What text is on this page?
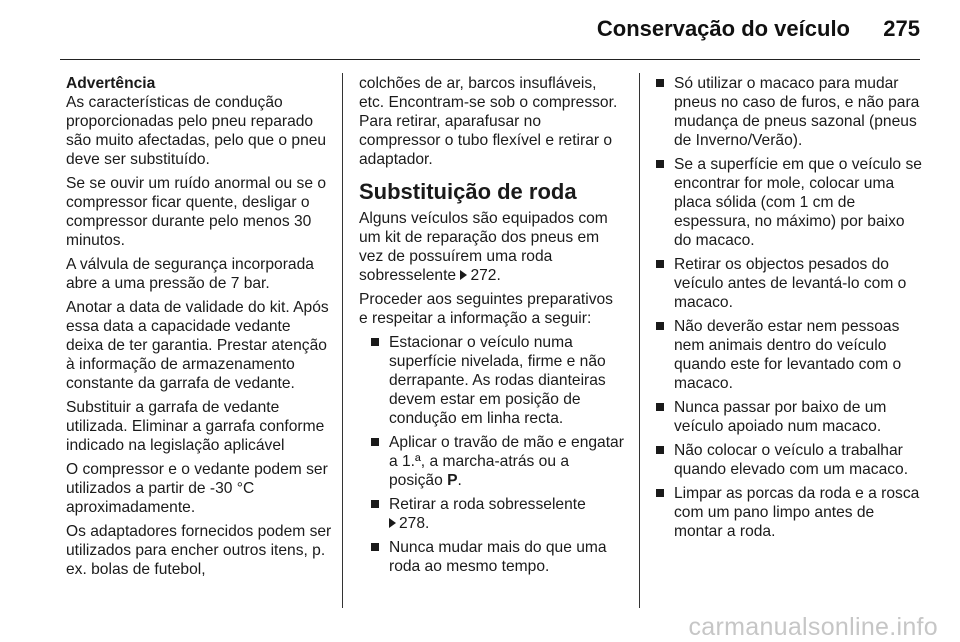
Conservação do veículo 275

Advertência

As características de condução proporcionadas pelo pneu reparado são muito afectadas, pelo que o pneu deve ser substituído.

Se se ouvir um ruído anormal ou se o compressor ficar quente, desligar o compressor durante pelo menos 30 minutos.

A válvula de segurança incorporada abre a uma pressão de 7 bar.

Anotar a data de validade do kit. Após essa data a capacidade vedante deixa de ter garantia. Prestar atenção à informação de armazenamento constante da garrafa de vedante.

Substituir a garrafa de vedante utilizada. Eliminar a garrafa conforme indicado na legislação aplicável

O compressor e o vedante podem ser utilizados a partir de -30 °C aproximadamente.

Os adaptadores fornecidos podem ser utilizados para encher outros itens, p. ex. bolas de futebol,

colchões de ar, barcos insufláveis, etc. Encontram-se sob o compressor. Para retirar, aparafusar no compressor o tubo flexível e retirar o adaptador.

Substituição de roda

Alguns veículos são equipados com um kit de reparação dos pneus em vez de possuírem uma roda sobresselente 272.

Proceder aos seguintes preparativos e respeitar a informação a seguir:

Estacionar o veículo numa superfície nivelada, firme e não derrapante. As rodas dianteiras devem estar em posição de condução em linha recta.
Aplicar o travão de mão e engatar a 1.ª, a marcha-atrás ou a posição P.
Retirar a roda sobresselente
278.
Nunca mudar mais do que uma roda ao mesmo tempo.
Só utilizar o macaco para mudar pneus no caso de furos, e não para mudança de pneus sazonal (pneus de Inverno/Verão).
Se a superfície em que o veículo se encontrar for mole, colocar uma placa sólida (com 1 cm de espessura, no máximo) por baixo do macaco.
Retirar os objectos pesados do veículo antes de levantá-lo com o macaco.
Não deverão estar nem pessoas nem animais dentro do veículo quando este for levantado com o macaco.
Nunca passar por baixo de um veículo apoiado num macaco.
Não colocar o veículo a trabalhar quando elevado com um macaco.
Limpar as porcas da roda e a rosca com um pano limpo antes de montar a roda.
carmanualsonline.info
